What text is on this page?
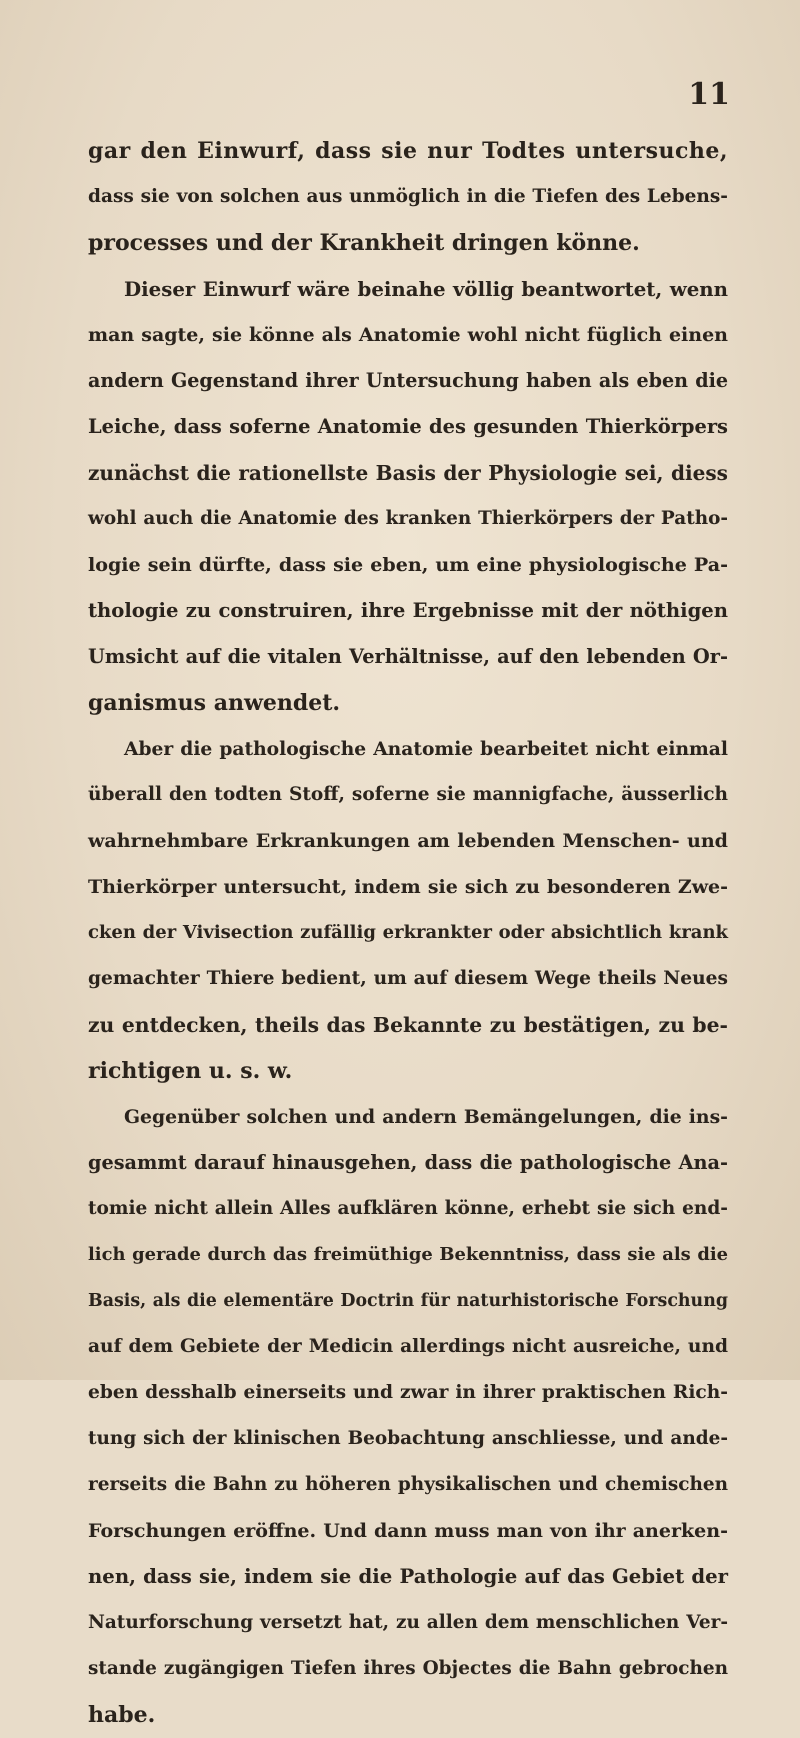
11
gar den Einwurf, dass sie nur Todtes untersuche,
dass sie von solchen aus unmöglich in die Tiefen des Lebens-
processes und der Krankheit dringen könne.
Dieser Einwurf wäre beinahe völlig beantwortet, wenn
man sagte, sie könne als Anatomie wohl nicht füglich einen
andern Gegenstand ihrer Untersuchung haben als eben die
Leiche, dass soferne Anatomie des gesunden Thierkörpers
zunächst die rationellste Basis der Physiologie sei, diess
wohl auch die Anatomie des kranken Thierkörpers der Patho-
logie sein dürfte, dass sie eben, um eine physiologische Pa-
thologie zu construiren, ihre Ergebnisse mit der nöthigen
Umsicht auf die vitalen Verhältnisse, auf den lebenden Or-
ganismus anwendet.
Aber die pathologische Anatomie bearbeitet nicht einmal
überall den todten Stoff, soferne sie mannigfache, äusserlich
wahrnehmbare Erkrankungen am lebenden Menschen- und
Thierkörper untersucht, indem sie sich zu besonderen Zwe-
cken der Vivisection zufällig erkrankter oder absichtlich krank
gemachter Thiere bedient, um auf diesem Wege theils Neues
zu entdecken, theils das Bekannte zu bestätigen, zu be-
richtigen u. s. w.
Gegenüber solchen und andern Bemängelungen, die ins-
gesammt darauf hinausgehen, dass die pathologische Ana-
tomie nicht allein Alles aufklären könne, erhebt sie sich end-
lich gerade durch das freimüthige Bekenntniss, dass sie als die
Basis, als die elementäre Doctrin für naturhistorische Forschung
auf dem Gebiete der Medicin allerdings nicht ausreiche, und
eben desshalb einerseits und zwar in ihrer praktischen Rich-
tung sich der klinischen Beobachtung anschliesse, und ande-
rerseits die Bahn zu höheren physikalischen und chemischen
Forschungen eröffne. Und dann muss man von ihr anerken-
nen, dass sie, indem sie die Pathologie auf das Gebiet der
Naturforschung versetzt hat, zu allen dem menschlichen Ver-
stande zugängigen Tiefen ihres Objectes die Bahn gebrochen
habe.
